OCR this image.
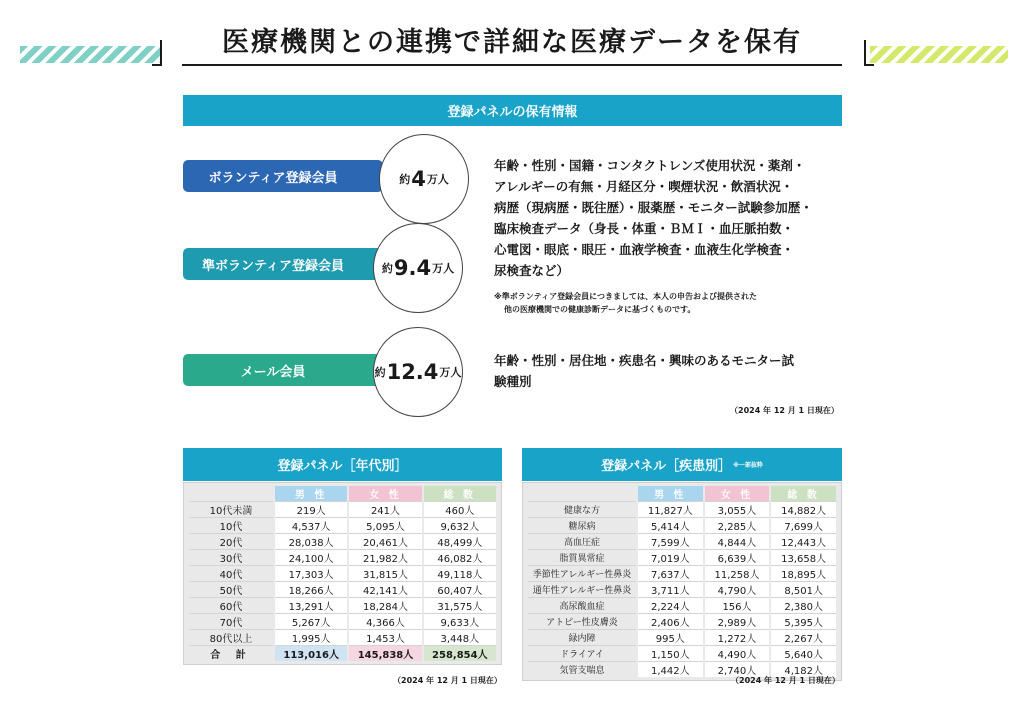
医療機関との連携で詳細な医療データを保有
登録パネルの保有情報
ボランティア登録会員	約 4 万人
準ボランティア登録会員	約 9.4 万人
メール会員	約 12.4 万人
年齢・性別・国籍・コンタクトレンズ使用状況・薬剤・
アレルギーの有無・月経区分・喫煙状況・飲酒状況・
病歴（現病歴・既往歴）・服薬歴・モニター試験参加歴・
臨床検査データ（身長・体重・ＢＭＩ・血圧脈拍数・
心電図・眼底・眼圧・血液学検査・血液生化学検査・
尿検査など）
※準ボランティア登録会員につきましては、本人の申告および提供された
他の医療機関での健康診断データに基づくものです。
年齢・性別・居住地・疾患名・興味のあるモニター試
験種別
（2024 年 12 月 1 日現在）
登録パネル［年代別］
	男 性	女 性	総 数
10代未満	219人	241人	460人
10代	4,537人	5,095人	9,632人
20代	28,038人	20,461人	48,499人
30代	24,100人	21,982人	46,082人
40代	17,303人	31,815人	49,118人
50代	18,266人	42,141人	60,407人
60代	13,291人	18,284人	31,575人
70代	5,267人	4,366人	9,633人
80代以上	1,995人	1,453人	3,448人
合 計	113,016人	145,838人	258,854人
（2024 年 12 月 1 日現在）
登録パネル［疾患別］ ※一部抜粋
	男 性	女 性	総 数
健康な方	11,827人	3,055人	14,882人
糖尿病	5,414人	2,285人	7,699人
高血圧症	7,599人	4,844人	12,443人
脂質異常症	7,019人	6,639人	13,658人
季節性アレルギー性鼻炎	7,637人	11,258人	18,895人
通年性アレルギー性鼻炎	3,711人	4,790人	8,501人
高尿酸血症	2,224人	156人	2,380人
アトピー性皮膚炎	2,406人	2,989人	5,395人
緑内障	995人	1,272人	2,267人
ドライアイ	1,150人	4,490人	5,640人
気管支喘息	1,442人	2,740人	4,182人
（2024 年 12 月 1 日現在）
